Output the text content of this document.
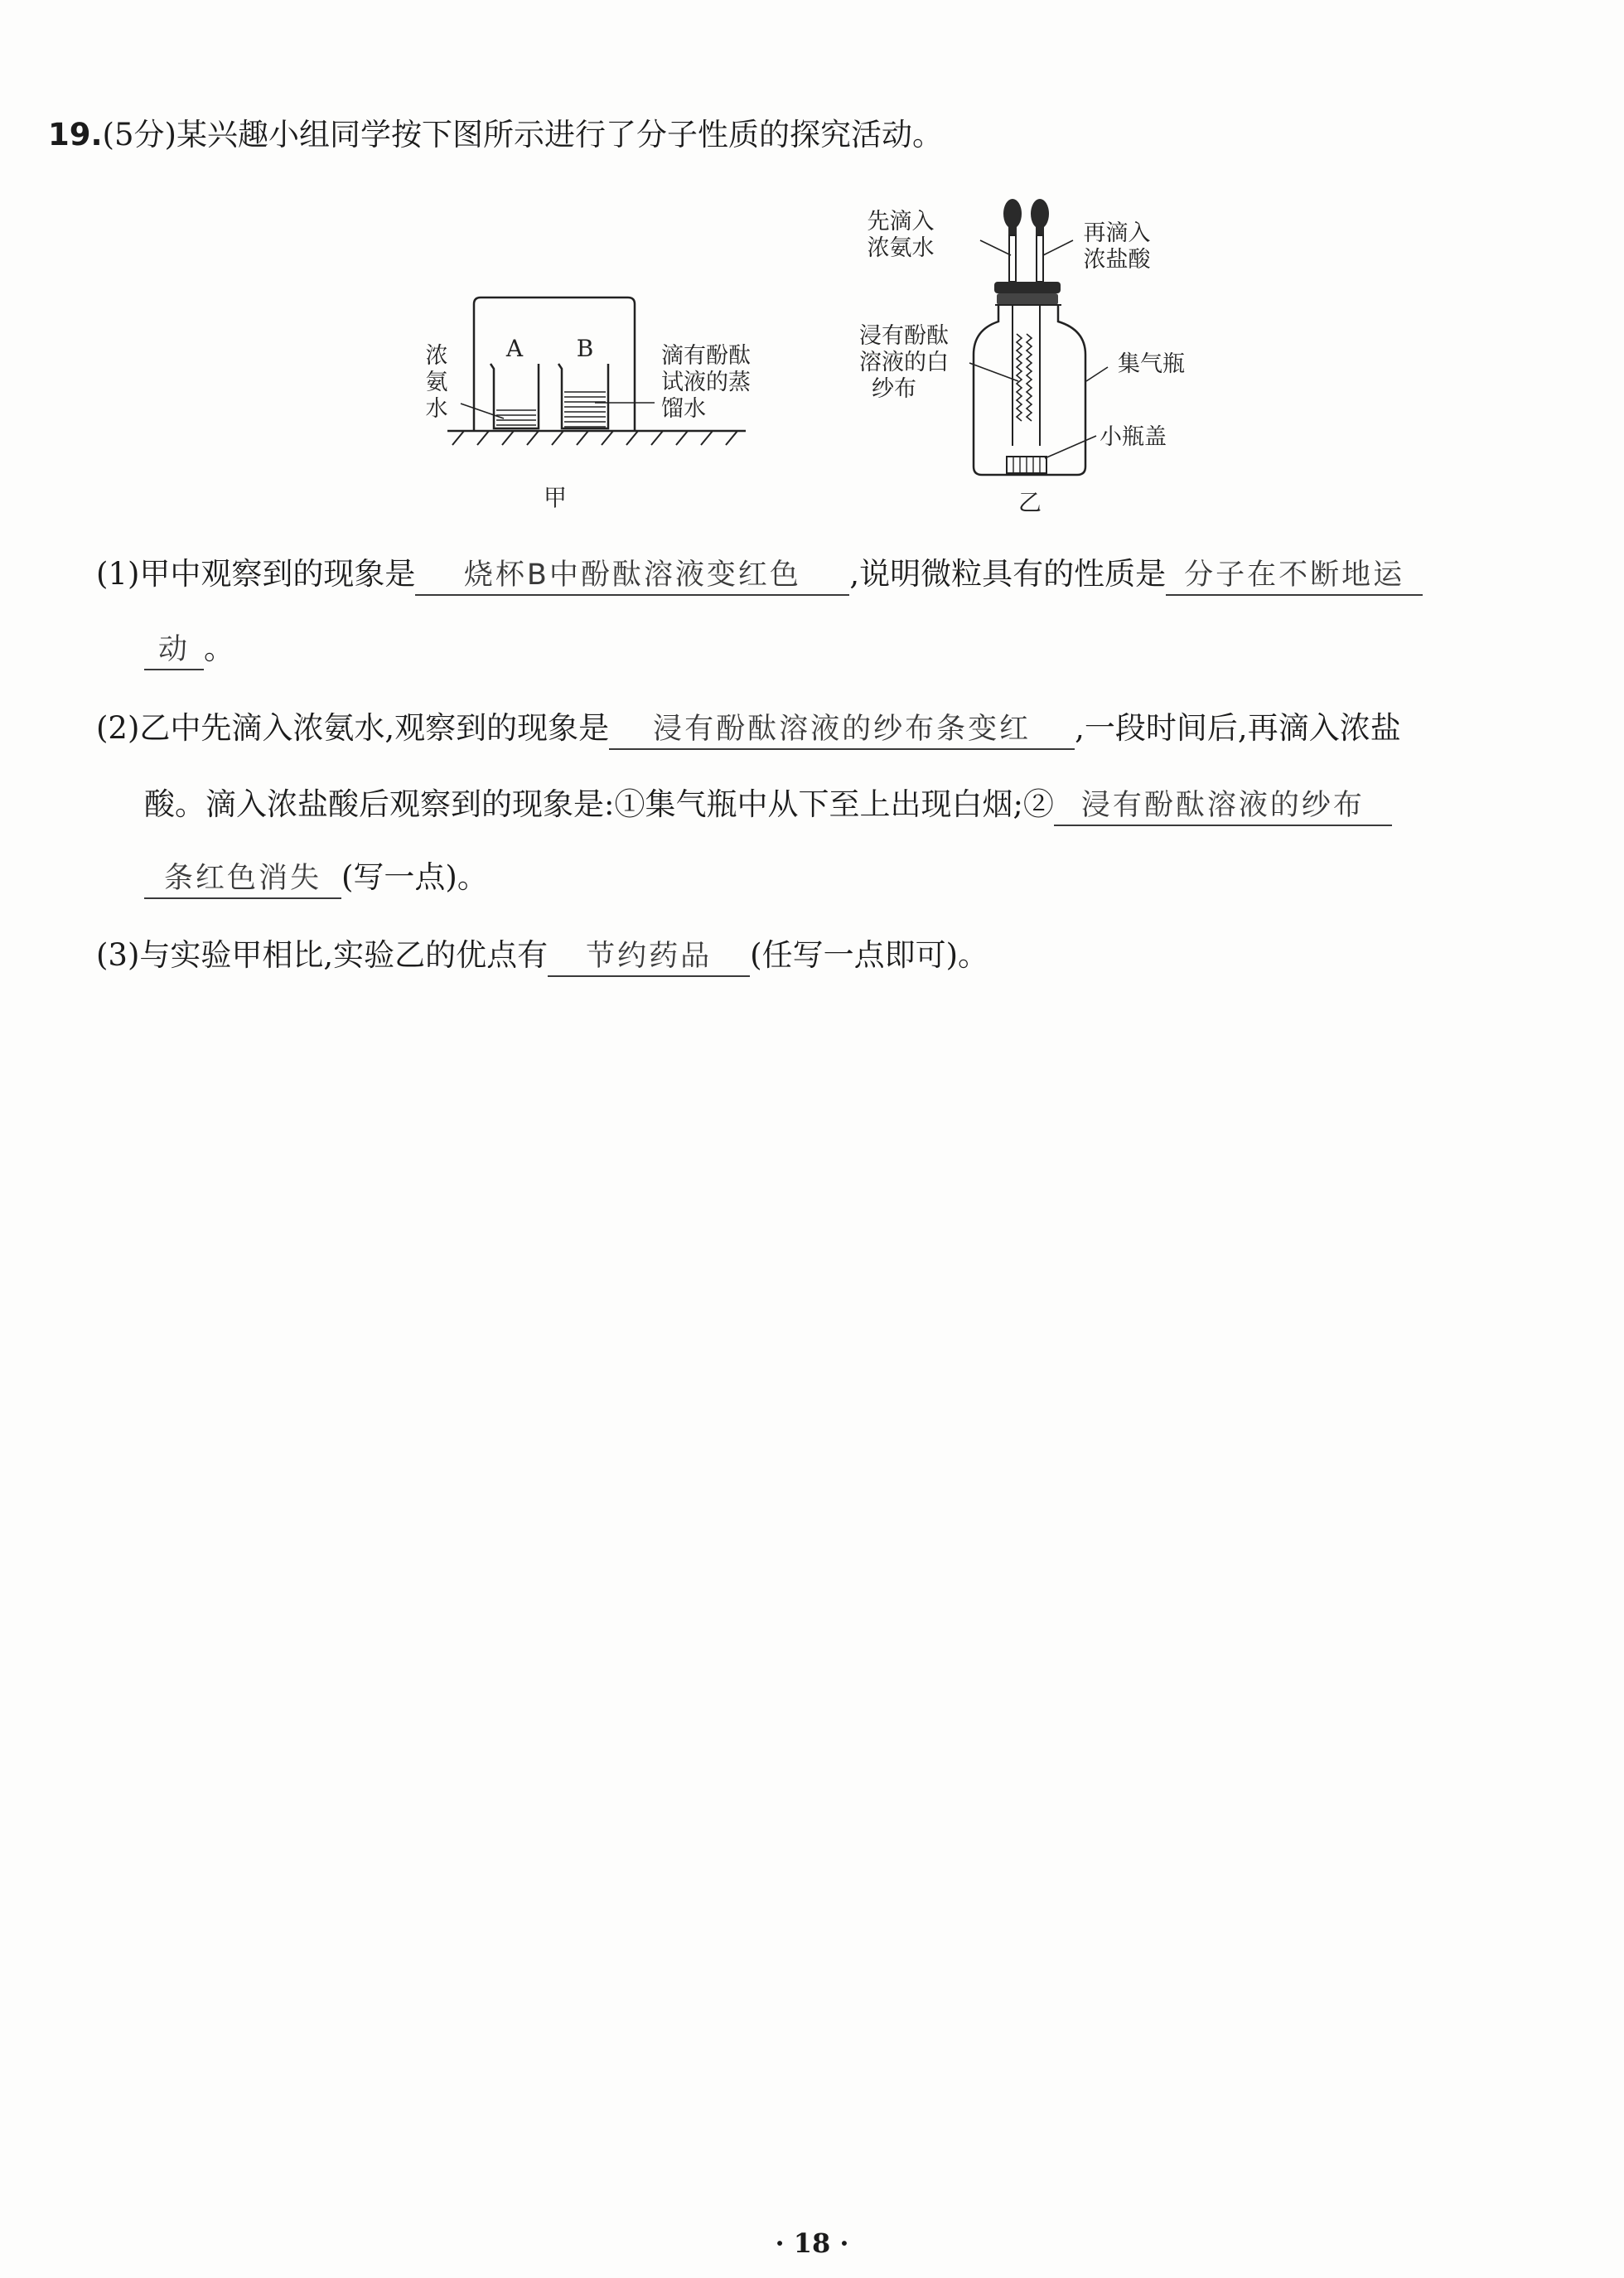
19.(5分)某兴趣小组同学按下图所示进行了分子性质的探究活动。
A B
浓
氨
水
滴有酚酞
试液的蒸
馏水
甲
先滴入
浓氨水
再滴入
浓盐酸
浸有酚酞
溶液的白
纱布
集气瓶
小瓶盖
乙
(1)甲中观察到的现象是 烧杯B中酚酞溶液变红色 ,说明微粒具有的性质是 分子在不断地运
动 。
(2)乙中先滴入浓氨水,观察到的现象是 浸有酚酞溶液的纱布条变红 ,一段时间后,再滴入浓盐
酸。滴入浓盐酸后观察到的现象是:①集气瓶中从下至上出现白烟;② 浸有酚酞溶液的纱布
条红色消失 (写一点)。
(3)与实验甲相比,实验乙的优点有 节约药品 (任写一点即可)。
· 18 ·
